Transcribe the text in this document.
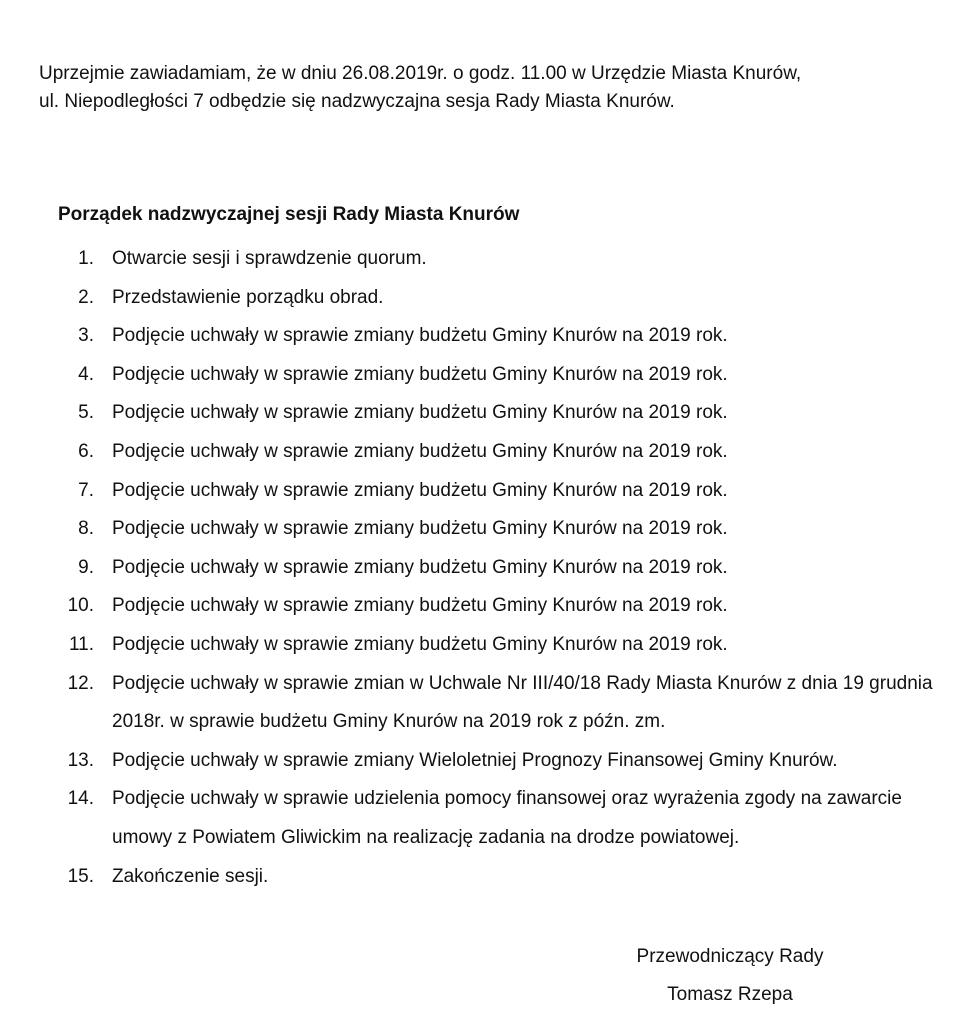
Uprzejmie zawiadamiam, że w dniu 26.08.2019r. o godz. 11.00 w Urzędzie Miasta Knurów,

ul. Niepodległości 7 odbędzie się nadzwyczajna sesja Rady Miasta Knurów.

Porządek nadzwyczajnej sesji Rady Miasta Knurów
1. Otwarcie sesji i sprawdzenie quorum.
2. Przedstawienie porządku obrad.
3. Podjęcie uchwały w sprawie zmiany budżetu Gminy Knurów na 2019 rok.
4. Podjęcie uchwały w sprawie zmiany budżetu Gminy Knurów na 2019 rok.
5. Podjęcie uchwały w sprawie zmiany budżetu Gminy Knurów na 2019 rok.
6. Podjęcie uchwały w sprawie zmiany budżetu Gminy Knurów na 2019 rok.
7. Podjęcie uchwały w sprawie zmiany budżetu Gminy Knurów na 2019 rok.
8. Podjęcie uchwały w sprawie zmiany budżetu Gminy Knurów na 2019 rok.
9. Podjęcie uchwały w sprawie zmiany budżetu Gminy Knurów na 2019 rok.
10. Podjęcie uchwały w sprawie zmiany budżetu Gminy Knurów na 2019 rok.
11. Podjęcie uchwały w sprawie zmiany budżetu Gminy Knurów na 2019 rok.
12. Podjęcie uchwały w sprawie zmian w Uchwale Nr III/40/18 Rady Miasta Knurów z dnia 19 grudnia 2018r. w sprawie budżetu Gminy Knurów na 2019 rok z późn. zm.
13. Podjęcie uchwały w sprawie zmiany Wieloletniej Prognozy Finansowej Gminy Knurów.
14. Podjęcie uchwały w sprawie udzielenia pomocy finansowej oraz wyrażenia zgody na zawarcie umowy z Powiatem Gliwickim na realizację zadania na drodze powiatowej.
15. Zakończenie sesji.
Przewodniczący Rady
Tomasz Rzepa
